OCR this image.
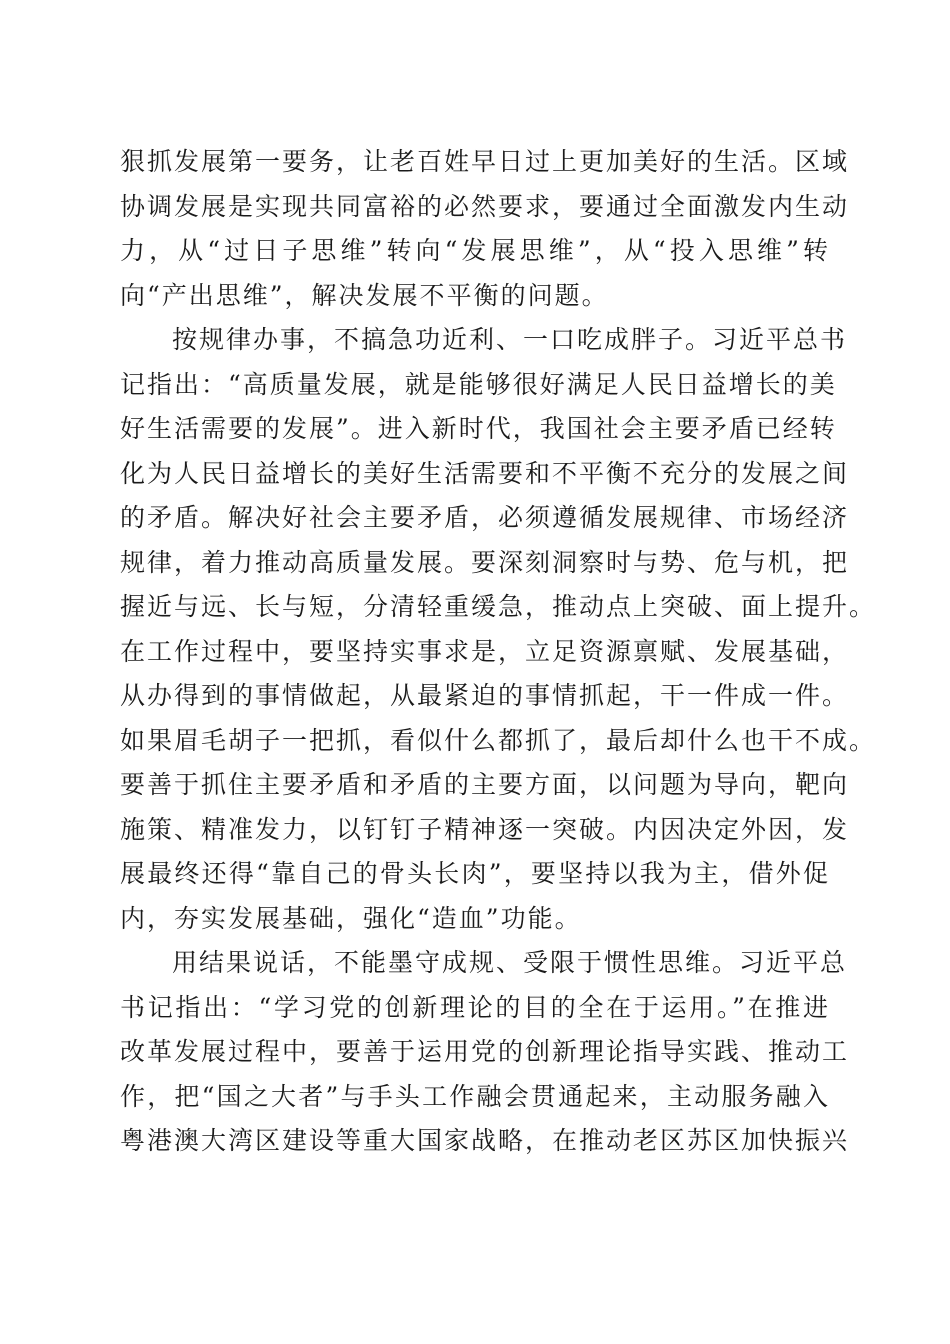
狠抓发展第一要务，让老百姓早日过上更加美好的生活。区域
协调发展是实现共同富裕的必然要求，要通过全面激发内生动
力，从“过日子思维”转向“发展思维”，从“投入思维”转
向“产出思维”，解决发展不平衡的问题。
按规律办事，不搞急功近利、一口吃成胖子。习近平总书
记指出：“高质量发展，就是能够很好满足人民日益增长的美
好生活需要的发展”。进入新时代，我国社会主要矛盾已经转
化为人民日益增长的美好生活需要和不平衡不充分的发展之间
的矛盾。解决好社会主要矛盾，必须遵循发展规律、市场经济
规律，着力推动高质量发展。要深刻洞察时与势、危与机，把
握近与远、长与短，分清轻重缓急，推动点上突破、面上提升。
在工作过程中，要坚持实事求是，立足资源禀赋、发展基础，
从办得到的事情做起，从最紧迫的事情抓起，干一件成一件。
如果眉毛胡子一把抓，看似什么都抓了，最后却什么也干不成。
要善于抓住主要矛盾和矛盾的主要方面，以问题为导向，靶向
施策、精准发力，以钉钉子精神逐一突破。内因决定外因，发
展最终还得“靠自己的骨头长肉”，要坚持以我为主，借外促
内，夯实发展基础，强化“造血”功能。
用结果说话，不能墨守成规、受限于惯性思维。习近平总
书记指出：“学习党的创新理论的目的全在于运用。”在推进
改革发展过程中，要善于运用党的创新理论指导实践、推动工
作，把“国之大者”与手头工作融会贯通起来，主动服务融入
粤港澳大湾区建设等重大国家战略，在推动老区苏区加快振兴
